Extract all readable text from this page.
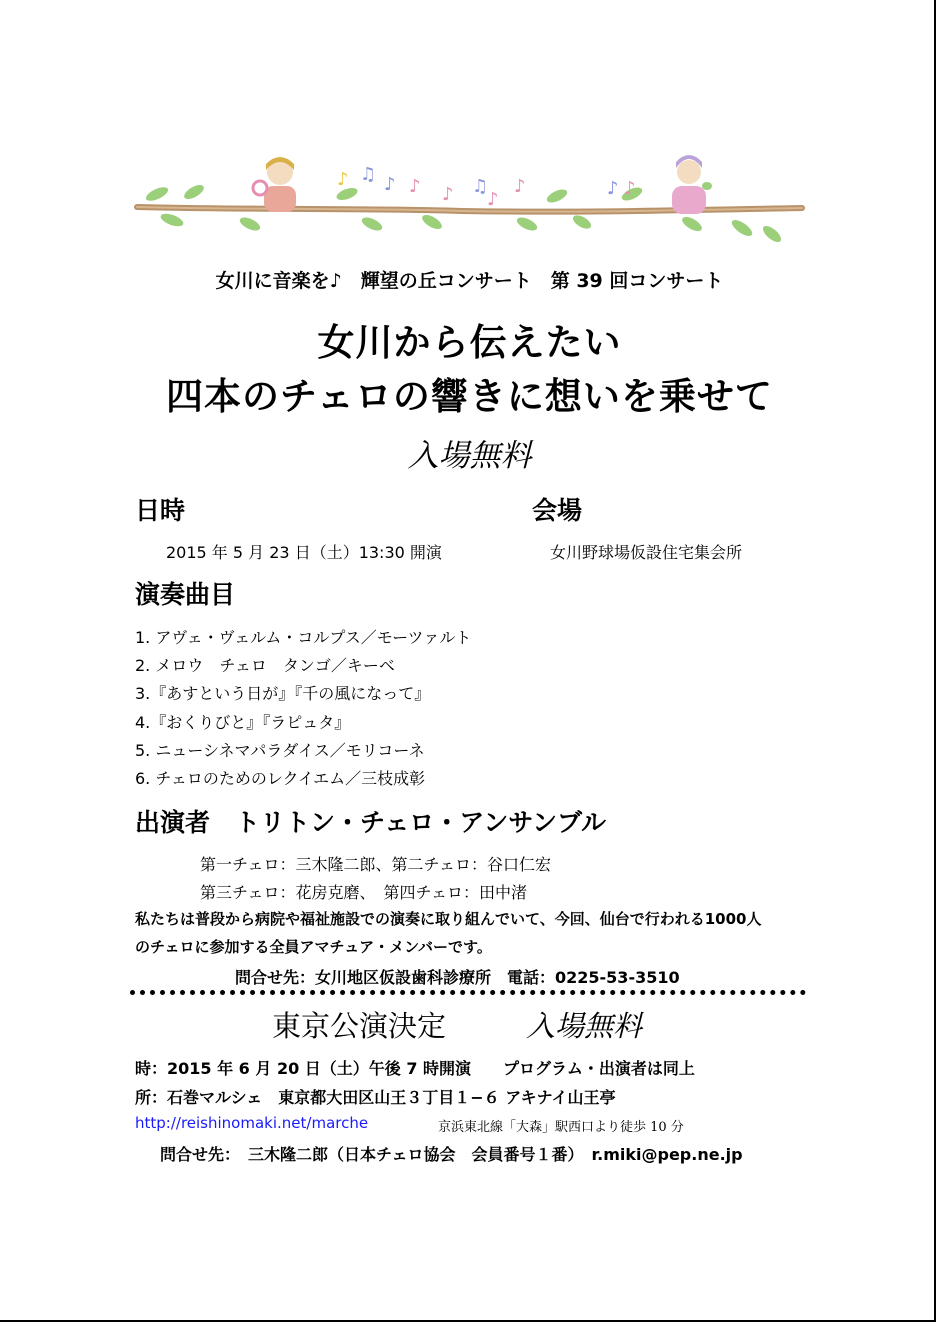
♪ ♫ ♪ ♪ ♪ ♫
♪
♪	♪ ♪
女川に音楽を♪　輝望の丘コンサート　第 39 回コンサート
女川から伝えたい
四本のチェロの響きに想いを乗せて
入場無料
日時	会場
2015 年 5 月 23 日（土）13:30 開演	女川野球場仮設住宅集会所
演奏曲目
1. アヴェ・ヴェルム・コルプス／モーツァルト
2. メロウ　チェロ　タンゴ／キーベ
3.『あすという日が』『千の風になって』
4.『おくりびと』『ラピュタ』
5. ニューシネマパラダイス／モリコーネ
6. チェロのためのレクイエム／三枝成彰
出演者　トリトン・チェロ・アンサンブル
第一チェロ：三木隆二郎、第二チェロ：谷口仁宏
第三チェロ：花房克磨、　第四チェロ：田中渚
私たちは普段から病院や福祉施設での演奏に取り組んでいて、今回、仙台で行われる1000人
のチェロに参加する全員アマチュア・メンバーです。
問合せ先：女川地区仮設歯科診療所　電話：0225-53-3510
東京公演決定	入場無料
時：2015 年 6 月 20 日（土）午後 7 時開演　　プログラム・出演者は同上
所：石巻マルシェ　東京都大田区山王３丁目１−６ アキナイ山王亭
http://reishinomaki.net/marche	京浜東北線「大森」駅西口より徒歩 10 分
問合せ先：　三木隆二郎（日本チェロ協会　会員番号１番）　r.miki@pep.ne.jp
